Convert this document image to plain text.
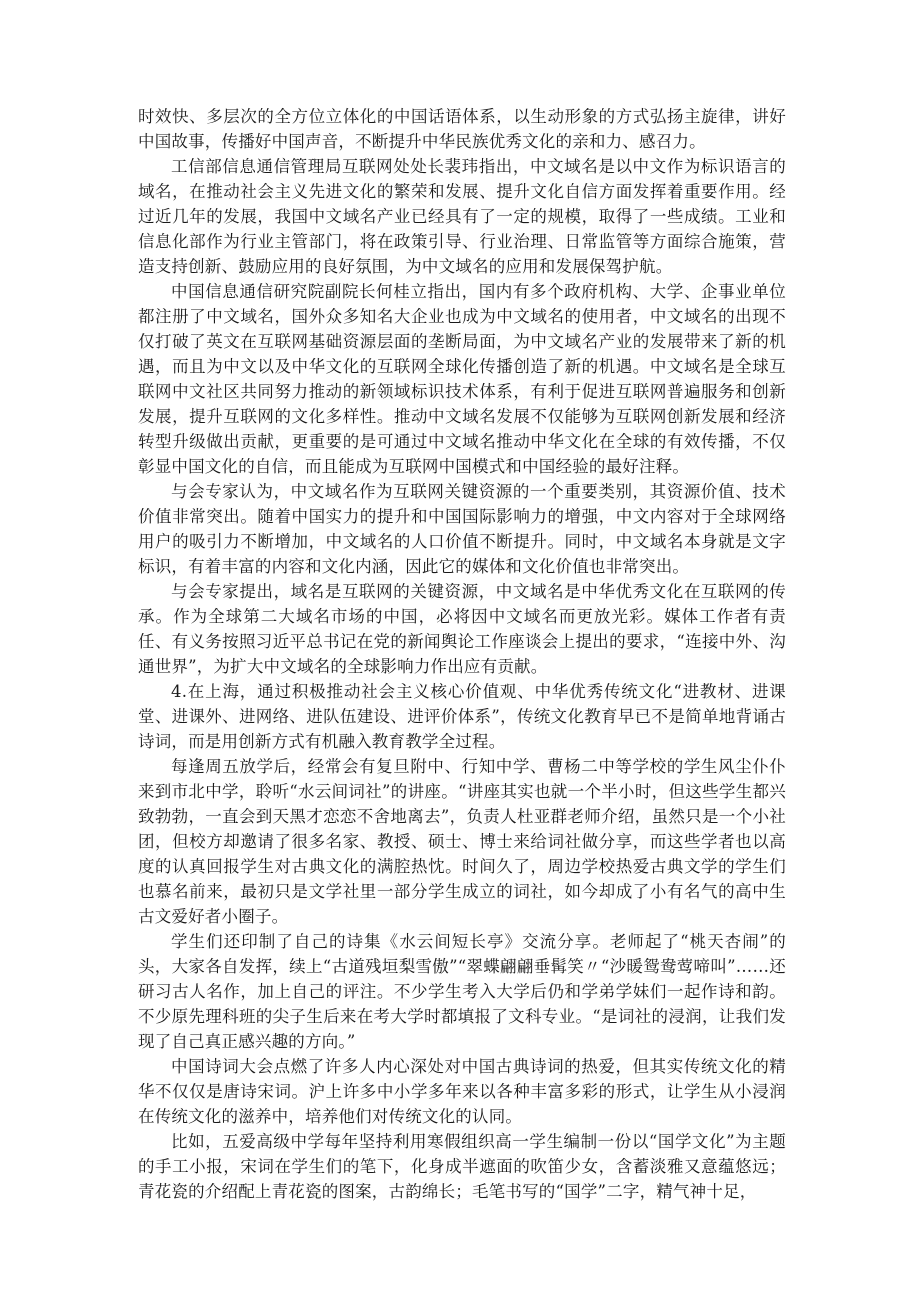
时效快、多层次的全方位立体化的中国话语体系，以生动形象的方式弘扬主旋律，讲好中国故事，传播好中国声音，不断提升中华民族优秀文化的亲和力、感召力。

工信部信息通信管理局互联网处处长裴玮指出，中文域名是以中文作为标识语言的域名，在推动社会主义先进文化的繁荣和发展、提升文化自信方面发挥着重要作用。经过近几年的发展，我国中文域名产业已经具有了一定的规模，取得了一些成绩。工业和信息化部作为行业主管部门，将在政策引导、行业治理、日常监管等方面综合施策，营造支持创新、鼓励应用的良好氛围，为中文域名的应用和发展保驾护航。

中国信息通信研究院副院长何桂立指出，国内有多个政府机构、大学、企事业单位都注册了中文域名，国外众多知名大企业也成为中文域名的使用者，中文域名的出现不仅打破了英文在互联网基础资源层面的垄断局面，为中文域名产业的发展带来了新的机遇，而且为中文以及中华文化的互联网全球化传播创造了新的机遇。中文域名是全球互联网中文社区共同努力推动的新领域标识技术体系，有利于促进互联网普遍服务和创新发展，提升互联网的文化多样性。推动中文域名发展不仅能够为互联网创新发展和经济转型升级做出贡献，更重要的是可通过中文域名推动中华文化在全球的有效传播，不仅彰显中国文化的自信，而且能成为互联网中国模式和中国经验的最好注释。

与会专家认为，中文域名作为互联网关键资源的一个重要类别，其资源价值、技术价值非常突出。随着中国实力的提升和中国国际影响力的增强，中文内容对于全球网络用户的吸引力不断增加，中文域名的人口价值不断提升。同时，中文域名本身就是文字标识，有着丰富的内容和文化内涵，因此它的媒体和文化价值也非常突出。

与会专家提出，域名是互联网的关键资源，中文域名是中华优秀文化在互联网的传承。作为全球第二大域名市场的中国，必将因中文域名而更放光彩。媒体工作者有责任、有义务按照习近平总书记在党的新闻舆论工作座谈会上提出的要求，“连接中外、沟通世界”，为扩大中文域名的全球影响力作出应有贡献。

4.在上海，通过积极推动社会主义核心价值观、中华优秀传统文化“进教材、进课堂、进课外、进网络、进队伍建设、进评价体系”，传统文化教育早已不是简单地背诵古诗词，而是用创新方式有机融入教育教学全过程。

每逢周五放学后，经常会有复旦附中、行知中学、曹杨二中等学校的学生风尘仆仆来到市北中学，聆听“水云间词社”的讲座。“讲座其实也就一个半小时，但这些学生都兴致勃勃，一直会到天黑才恋恋不舍地离去”，负责人杜亚群老师介绍，虽然只是一个小社团，但校方却邀请了很多名家、教授、硕士、博士来给词社做分享，而这些学者也以高度的认真回报学生对古典文化的满腔热忱。时间久了，周边学校热爱古典文学的学生们也慕名前来，最初只是文学社里一部分学生成立的词社，如今却成了小有名气的高中生古文爱好者小圈子。

学生们还印制了自己的诗集《水云间短长亭》交流分享。老师起了“桃天杏闹”的头，大家各自发挥，续上“古道残垣梨雪傲”“翠蝶翩翩垂髯笑〃“沙暖鸳鸯莺啼叫”……还研习古人名作，加上自己的评注。不少学生考入大学后仍和学弟学妹们一起作诗和韵。不少原先理科班的尖子生后来在考大学时都填报了文科专业。“是词社的浸润，让我们发现了自己真正感兴趣的方向。”

中国诗词大会点燃了许多人内心深处对中国古典诗词的热爱，但其实传统文化的精华不仅仅是唐诗宋词。沪上许多中小学多年来以各种丰富多彩的形式，让学生从小浸润在传统文化的滋养中，培养他们对传统文化的认同。

比如，五爱高级中学每年坚持利用寒假组织高一学生编制一份以“国学文化”为主题的手工小报，宋词在学生们的笔下，化身成半遮面的吹笛少女，含蓄淡雅又意蕴悠远；青花瓷的介绍配上青花瓷的图案，古韵绵长；毛笔书写的“国学”二字，精气神十足，
